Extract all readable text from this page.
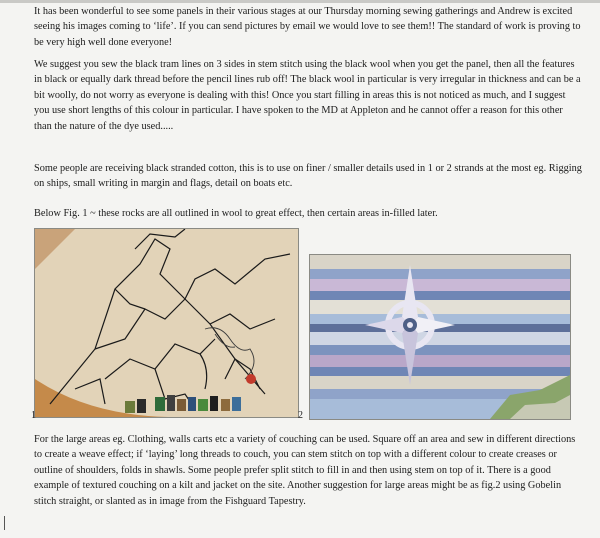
It has been wonderful to see some panels in their various stages at our Thursday morning sewing gatherings and Andrew is excited seeing his images coming to ‘life’. If you can send pictures by email we would love to see them!! The standard of work is proving to be very high well done everyone!

We suggest you sew the black tram lines on 3 sides in stem stitch using the black wool when you get the panel, then all the features in black or equally dark thread before the pencil lines rub off! The black wool in particular is very irregular in thickness and can be a bit woolly, do not worry as everyone is dealing with this! Once you start filling in areas this is not noticed as much, and I suggest you use short lengths of this colour in particular. I have spoken to the MD at Appleton and he cannot offer a reason for this other than the nature of the dye used.....

Some people are receiving black stranded cotton, this is to use on finer / smaller details used in 1 or 2 strands at the most eg. Rigging on ships, small writing in margin and flags, detail on boats etc.

Below Fig. 1 ~ these rocks are all outlined in wool to great effect, then certain areas in-filled later.

1	2

For the large areas eg. Clothing, walls carts etc a variety of couching can be used. Square off an area and sew in different directions to create a weave effect; if ‘laying’ long threads to couch, you can stem stitch on top with a different colour to create creases or outline of shoulders, folds in shawls. Some people prefer split stitch to fill in and then using stem on top of it. There is a good example of textured couching on a kilt and jacket on the site. Another suggestion for large areas might be as fig.2 using Gobelin stitch straight, or slanted as in image from the Fishguard Tapestry.
